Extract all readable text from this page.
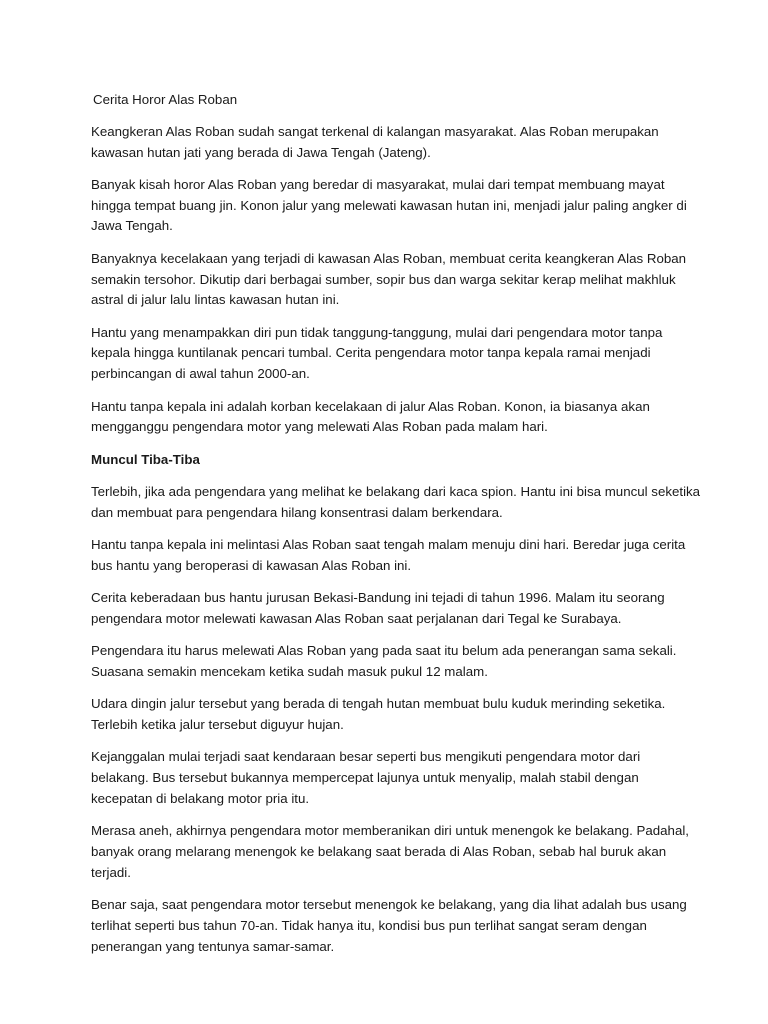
Cerita Horor Alas Roban

Keangkeran Alas Roban sudah sangat terkenal di kalangan masyarakat. Alas Roban merupakan kawasan hutan jati yang berada di Jawa Tengah (Jateng).

Banyak kisah horor Alas Roban yang beredar di masyarakat, mulai dari tempat membuang mayat hingga tempat buang jin. Konon jalur yang melewati kawasan hutan ini, menjadi jalur paling angker di Jawa Tengah.

Banyaknya kecelakaan yang terjadi di kawasan Alas Roban, membuat cerita keangkeran Alas Roban semakin tersohor. Dikutip dari berbagai sumber, sopir bus dan warga sekitar kerap melihat makhluk astral di jalur lalu lintas kawasan hutan ini.

Hantu yang menampakkan diri pun tidak tanggung-tanggung, mulai dari pengendara motor tanpa kepala hingga kuntilanak pencari tumbal. Cerita pengendara motor tanpa kepala ramai menjadi perbincangan di awal tahun 2000-an.

Hantu tanpa kepala ini adalah korban kecelakaan di jalur Alas Roban. Konon, ia biasanya akan mengganggu pengendara motor yang melewati Alas Roban pada malam hari.

Muncul Tiba-Tiba

Terlebih, jika ada pengendara yang melihat ke belakang dari kaca spion. Hantu ini bisa muncul seketika dan membuat para pengendara hilang konsentrasi dalam berkendara.

Hantu tanpa kepala ini melintasi Alas Roban saat tengah malam menuju dini hari. Beredar juga cerita bus hantu yang beroperasi di kawasan Alas Roban ini.

Cerita keberadaan bus hantu jurusan Bekasi-Bandung ini tejadi di tahun 1996. Malam itu seorang pengendara motor melewati kawasan Alas Roban saat perjalanan dari Tegal ke Surabaya.

Pengendara itu harus melewati Alas Roban yang pada saat itu belum ada penerangan sama sekali. Suasana semakin mencekam ketika sudah masuk pukul 12 malam.

Udara dingin jalur tersebut yang berada di tengah hutan membuat bulu kuduk merinding seketika. Terlebih ketika jalur tersebut diguyur hujan.

Kejanggalan mulai terjadi saat kendaraan besar seperti bus mengikuti pengendara motor dari belakang. Bus tersebut bukannya mempercepat lajunya untuk menyalip, malah stabil dengan kecepatan di belakang motor pria itu.

Merasa aneh, akhirnya pengendara motor memberanikan diri untuk menengok ke belakang. Padahal, banyak orang melarang menengok ke belakang saat berada di Alas Roban, sebab hal buruk akan terjadi.

Benar saja, saat pengendara motor tersebut menengok ke belakang, yang dia lihat adalah bus usang terlihat seperti bus tahun 70-an. Tidak hanya itu, kondisi bus pun terlihat sangat seram dengan penerangan yang tentunya samar-samar.
